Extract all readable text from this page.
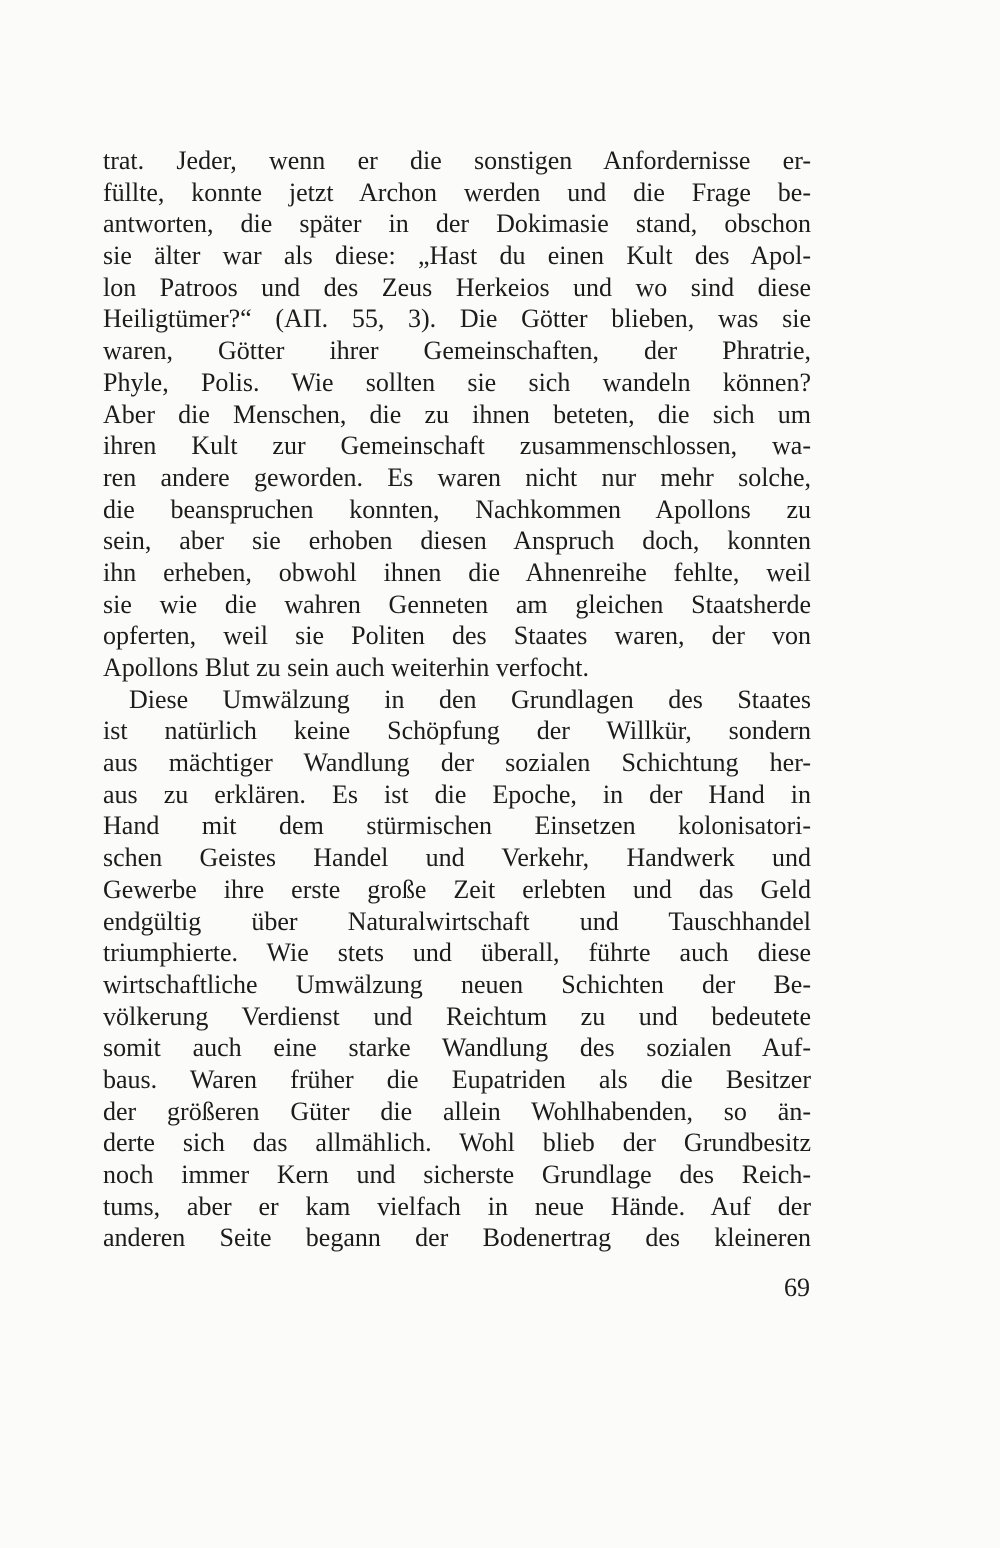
trat. Jeder, wenn er die sonstigen Anfordernisse er-
füllte, konnte jetzt Archon werden und die Frage be-
antworten, die später in der Dokimasie stand, obschon
sie älter war als diese: „Hast du einen Kult des Apol-
lon Patroos und des Zeus Herkeios und wo sind diese
Heiligtümer?“ (AΠ. 55, 3). Die Götter blieben, was sie
waren, Götter ihrer Gemeinschaften, der Phratrie,
Phyle, Polis. Wie sollten sie sich wandeln können?
Aber die Menschen, die zu ihnen beteten, die sich um
ihren Kult zur Gemeinschaft zusammenschlossen, wa-
ren andere geworden. Es waren nicht nur mehr solche,
die beanspruchen konnten, Nachkommen Apollons zu
sein, aber sie erhoben diesen Anspruch doch, konnten
ihn erheben, obwohl ihnen die Ahnenreihe fehlte, weil
sie wie die wahren Genneten am gleichen Staatsherde
opferten, weil sie Politen des Staates waren, der von
Apollons Blut zu sein auch weiterhin verfocht.
Diese Umwälzung in den Grundlagen des Staates
ist natürlich keine Schöpfung der Willkür, sondern
aus mächtiger Wandlung der sozialen Schichtung her-
aus zu erklären. Es ist die Epoche, in der Hand in
Hand mit dem stürmischen Einsetzen kolonisatori-
schen Geistes Handel und Verkehr, Handwerk und
Gewerbe ihre erste große Zeit erlebten und das Geld
endgültig über Naturalwirtschaft und Tauschhandel
triumphierte. Wie stets und überall, führte auch diese
wirtschaftliche Umwälzung neuen Schichten der Be-
völkerung Verdienst und Reichtum zu und bedeutete
somit auch eine starke Wandlung des sozialen Auf-
baus. Waren früher die Eupatriden als die Besitzer
der größeren Güter die allein Wohlhabenden, so än-
derte sich das allmählich. Wohl blieb der Grundbesitz
noch immer Kern und sicherste Grundlage des Reich-
tums, aber er kam vielfach in neue Hände. Auf der
anderen Seite begann der Bodenertrag des kleineren
69
